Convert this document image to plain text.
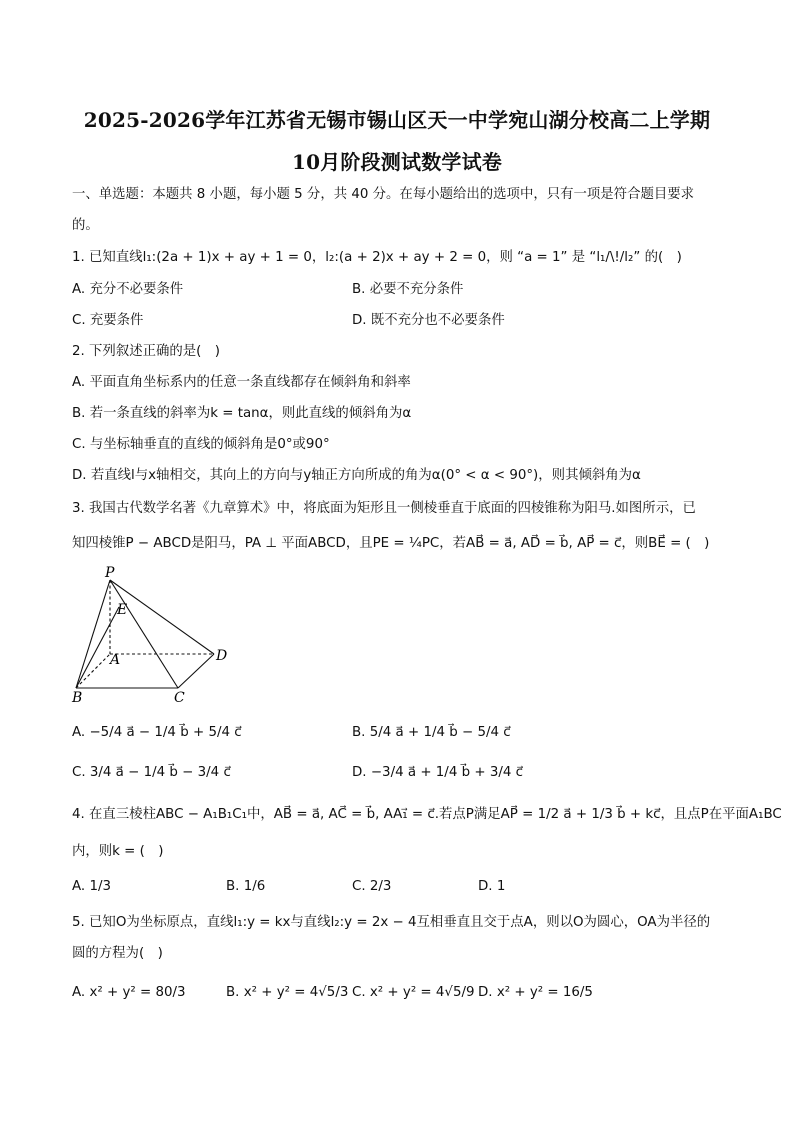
2025-2026学年江苏省无锡市锡山区天一中学宛山湖分校高二上学期
10月阶段测试数学试卷
一、单选题：本题共 8 小题，每小题 5 分，共 40 分。在每小题给出的选项中，只有一项是符合题目要求
的。
1. 已知直线l₁:(2a + 1)x + ay + 1 = 0，l₂:(a + 2)x + ay + 2 = 0，则 “a = 1” 是 “l₁/\!/l₂” 的(　)
A. 充分不必要条件	B. 必要不充分条件
C. 充要条件	D. 既不充分也不必要条件
2. 下列叙述正确的是(　)
A. 平面直角坐标系内的任意一条直线都存在倾斜角和斜率
B. 若一条直线的斜率为k = tanα，则此直线的倾斜角为α
C. 与坐标轴垂直的直线的倾斜角是0°或90°
D. 若直线l与x轴相交，其向上的方向与y轴正方向所成的角为α(0° < α < 90°)，则其倾斜角为α
3. 我国古代数学名著《九章算术》中，将底面为矩形且一侧棱垂直于底面的四棱锥称为阳马.如图所示，已
知四棱锥P − ABCD是阳马，PA ⊥ 平面ABCD，且PE = ¼PC，若AB⃗ = a⃗, AD⃗ = b⃗, AP⃗ = c⃗，则BE⃗ = (　)
P
E
A	D
B	C
A. −5/4 a⃗ − 1/4 b⃗ + 5/4 c⃗	B. 5/4 a⃗ + 1/4 b⃗ − 5/4 c⃗
C. 3/4 a⃗ − 1/4 b⃗ − 3/4 c⃗	D. −3/4 a⃗ + 1/4 b⃗ + 3/4 c⃗
4. 在直三棱柱ABC − A₁B₁C₁中，AB⃗ = a⃗, AC⃗ = b⃗, AA₁⃗ = c⃗.若点P满足AP⃗ = 1/2 a⃗ + 1/3 b⃗ + kc⃗，且点P在平面A₁BC
内，则k = (　)
A. 1/3	B. 1/6	C. 2/3	D. 1
5. 已知O为坐标原点，直线l₁:y = kx与直线l₂:y = 2x − 4互相垂直且交于点A，则以O为圆心，OA为半径的
圆的方程为(　)
A. x² + y² = 80/3	B. x² + y² = 4√5/3 C. x² + y² = 4√5/9 D. x² + y² = 16/5
